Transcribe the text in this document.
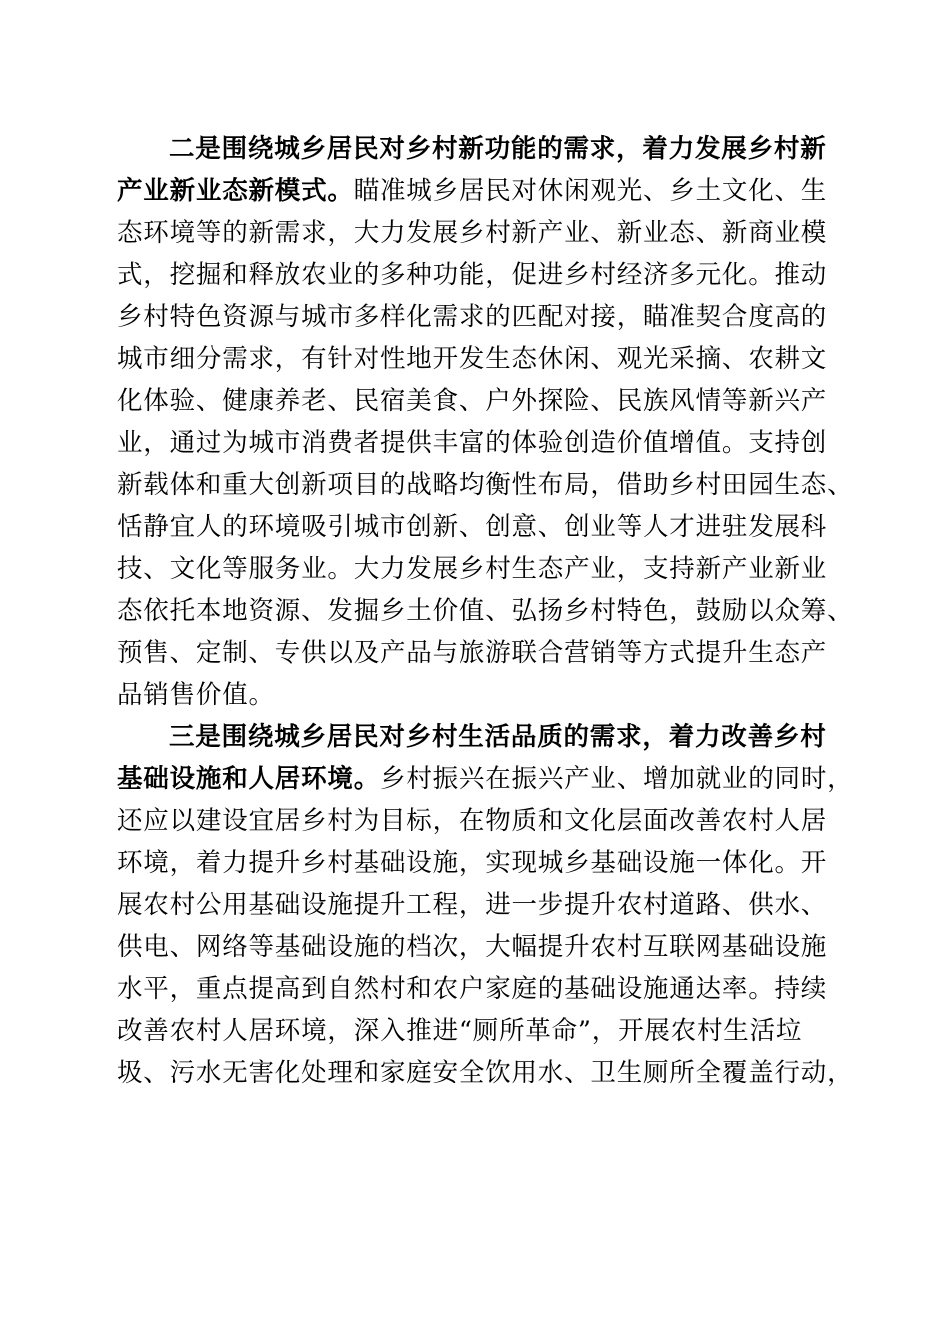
二是围绕城乡居民对乡村新功能的需求，着力发展乡村新
产业新业态新模式。瞄准城乡居民对休闲观光、乡土文化、生
态环境等的新需求，大力发展乡村新产业、新业态、新商业模
式，挖掘和释放农业的多种功能，促进乡村经济多元化。推动
乡村特色资源与城市多样化需求的匹配对接，瞄准契合度高的
城市细分需求，有针对性地开发生态休闲、观光采摘、农耕文
化体验、健康养老、民宿美食、户外探险、民族风情等新兴产
业，通过为城市消费者提供丰富的体验创造价值增值。支持创
新载体和重大创新项目的战略均衡性布局，借助乡村田园生态、
恬静宜人的环境吸引城市创新、创意、创业等人才进驻发展科
技、文化等服务业。大力发展乡村生态产业，支持新产业新业
态依托本地资源、发掘乡土价值、弘扬乡村特色，鼓励以众筹、
预售、定制、专供以及产品与旅游联合营销等方式提升生态产
品销售价值。
三是围绕城乡居民对乡村生活品质的需求，着力改善乡村
基础设施和人居环境。乡村振兴在振兴产业、增加就业的同时，
还应以建设宜居乡村为目标，在物质和文化层面改善农村人居
环境，着力提升乡村基础设施，实现城乡基础设施一体化。开
展农村公用基础设施提升工程，进一步提升农村道路、供水、
供电、网络等基础设施的档次，大幅提升农村互联网基础设施
水平，重点提高到自然村和农户家庭的基础设施通达率。持续
改善农村人居环境，深入推进“厕所革命”，开展农村生活垃
圾、污水无害化处理和家庭安全饮用水、卫生厕所全覆盖行动，
